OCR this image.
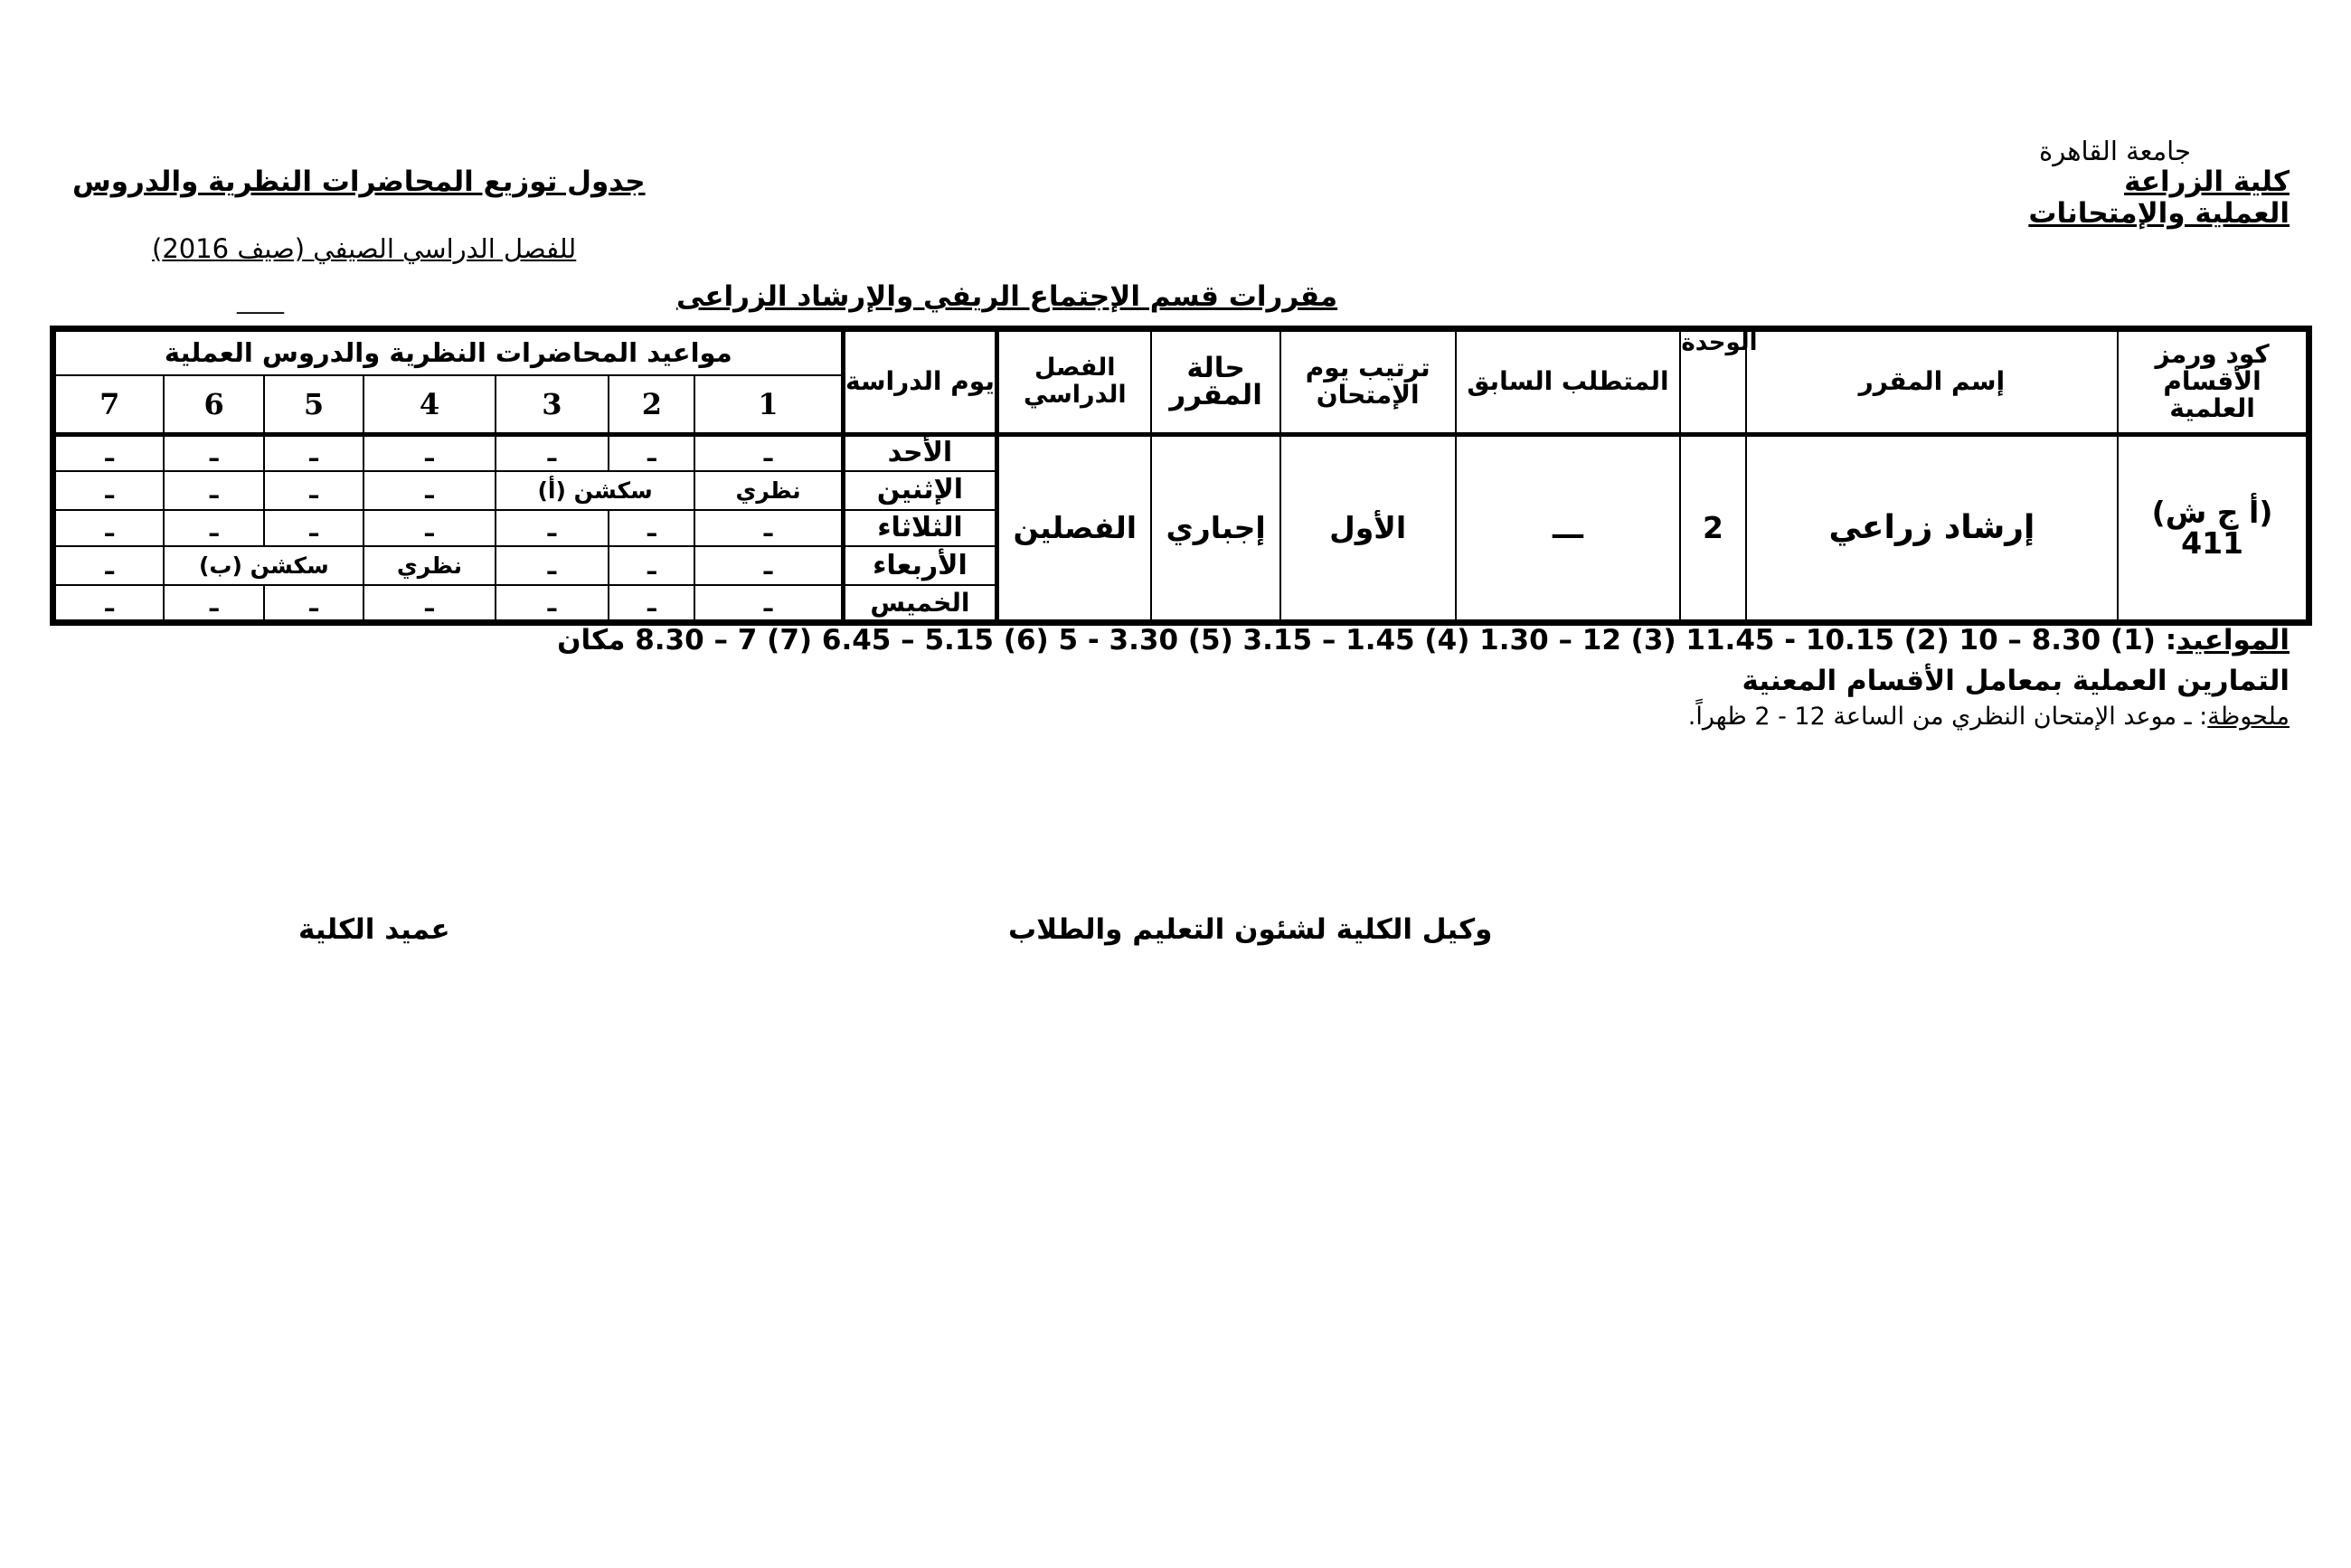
جامعة القاهرة
كلية الزراعة
العملية والإمتحانات
جدول توزيع المحاضرات النظرية والدروس
للفصل الدراسي الصيفي (صيف 2016)
مقررات قسم الإجتماع الريفي والإرشاد الزراعى
____
مواعيد المحاضرات النظرية والدروس العملية							يوم الدراسة	الفصل الدراسي	حالة المقرر	ترتيب يوم الإمتحان	المتطلب السابق	الوحدة	إسم المقرر	كود ورمز الأقسام العلمية
7	6	5	4	3	2	1								
ـ	ـ	ـ	ـ	ـ	ـ	ـ	الأحد	الفصلين	إجباري	الأول	ـــ	2	إرشاد زراعي	(أ ج ش) 411
ـ	ـ	ـ	ـ	سكشن (أ)		نظري	الإثنين							
ـ	ـ	ـ	ـ	ـ	ـ	ـ	الثلاثاء							
ـ	سكشن (ب)		نظري	ـ	ـ	ـ	الأربعاء							
ـ	ـ	ـ	ـ	ـ	ـ	ـ	الخميس							
المواعيد: (1) 8.30 – 10 (2) 10.15 - 11.45 (3) 12 – 1.30 (4) 1.45 – 3.15 (5) 3.30 - 5 (6) 5.15 – 6.45 (7) 7 – 8.30 مكان
التمارين العملية بمعامل الأقسام المعنية
ملحوظة: ـ موعد الإمتحان النظري من الساعة 12 - 2 ظهراً.
وكيل الكلية لشئون التعليم والطلاب
عميد الكلية
